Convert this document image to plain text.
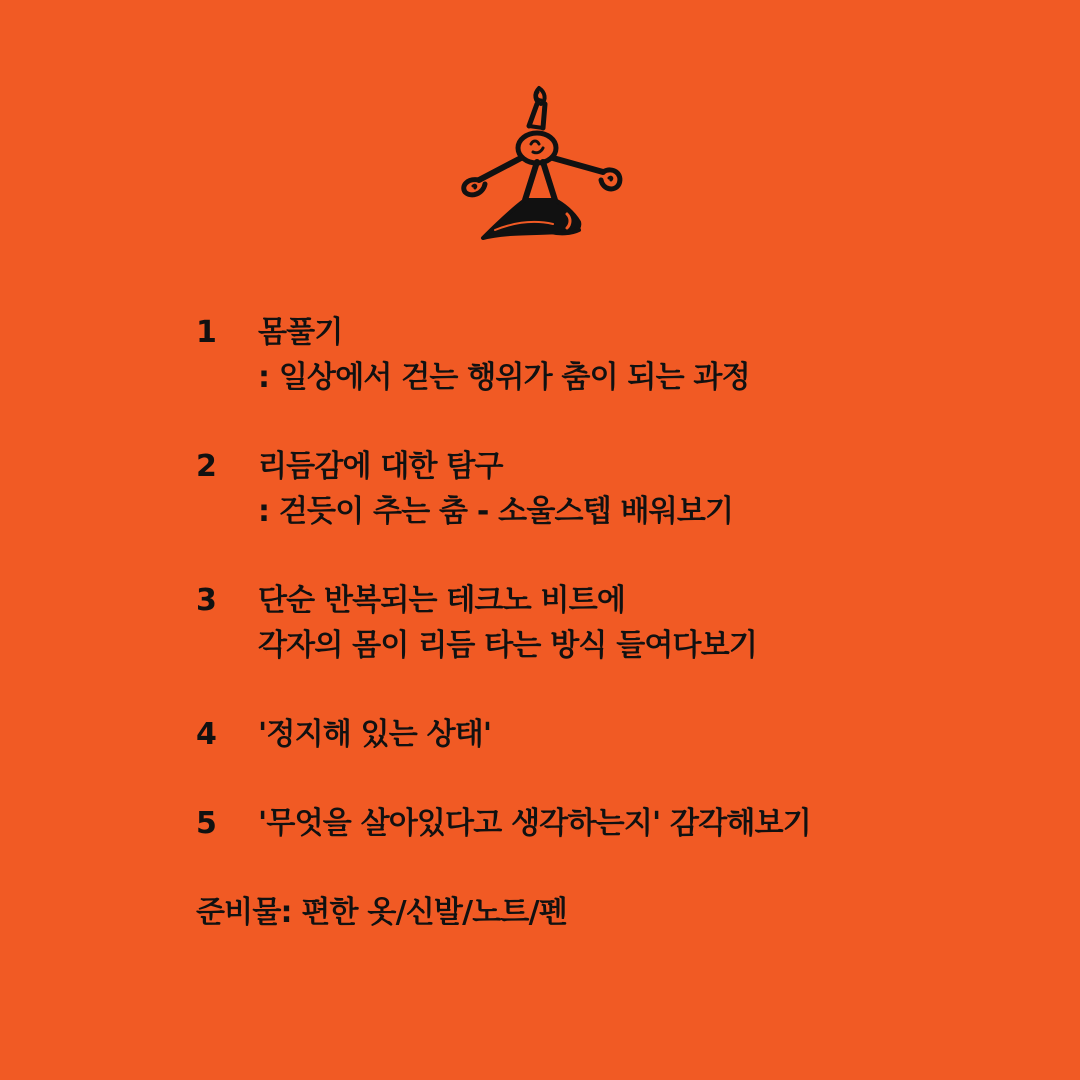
1	몸풀기
: 일상에서 걷는 행위가 춤이 되는 과정
2	리듬감에 대한 탐구
: 걷듯이 추는 춤 - 소울스텝 배워보기
3	단순 반복되는 테크노 비트에
각자의 몸이 리듬 타는 방식 들여다보기
4	'정지해 있는 상태'
5	'무엇을 살아있다고 생각하는지' 감각해보기
준비물: 편한 옷/신발/노트/펜
